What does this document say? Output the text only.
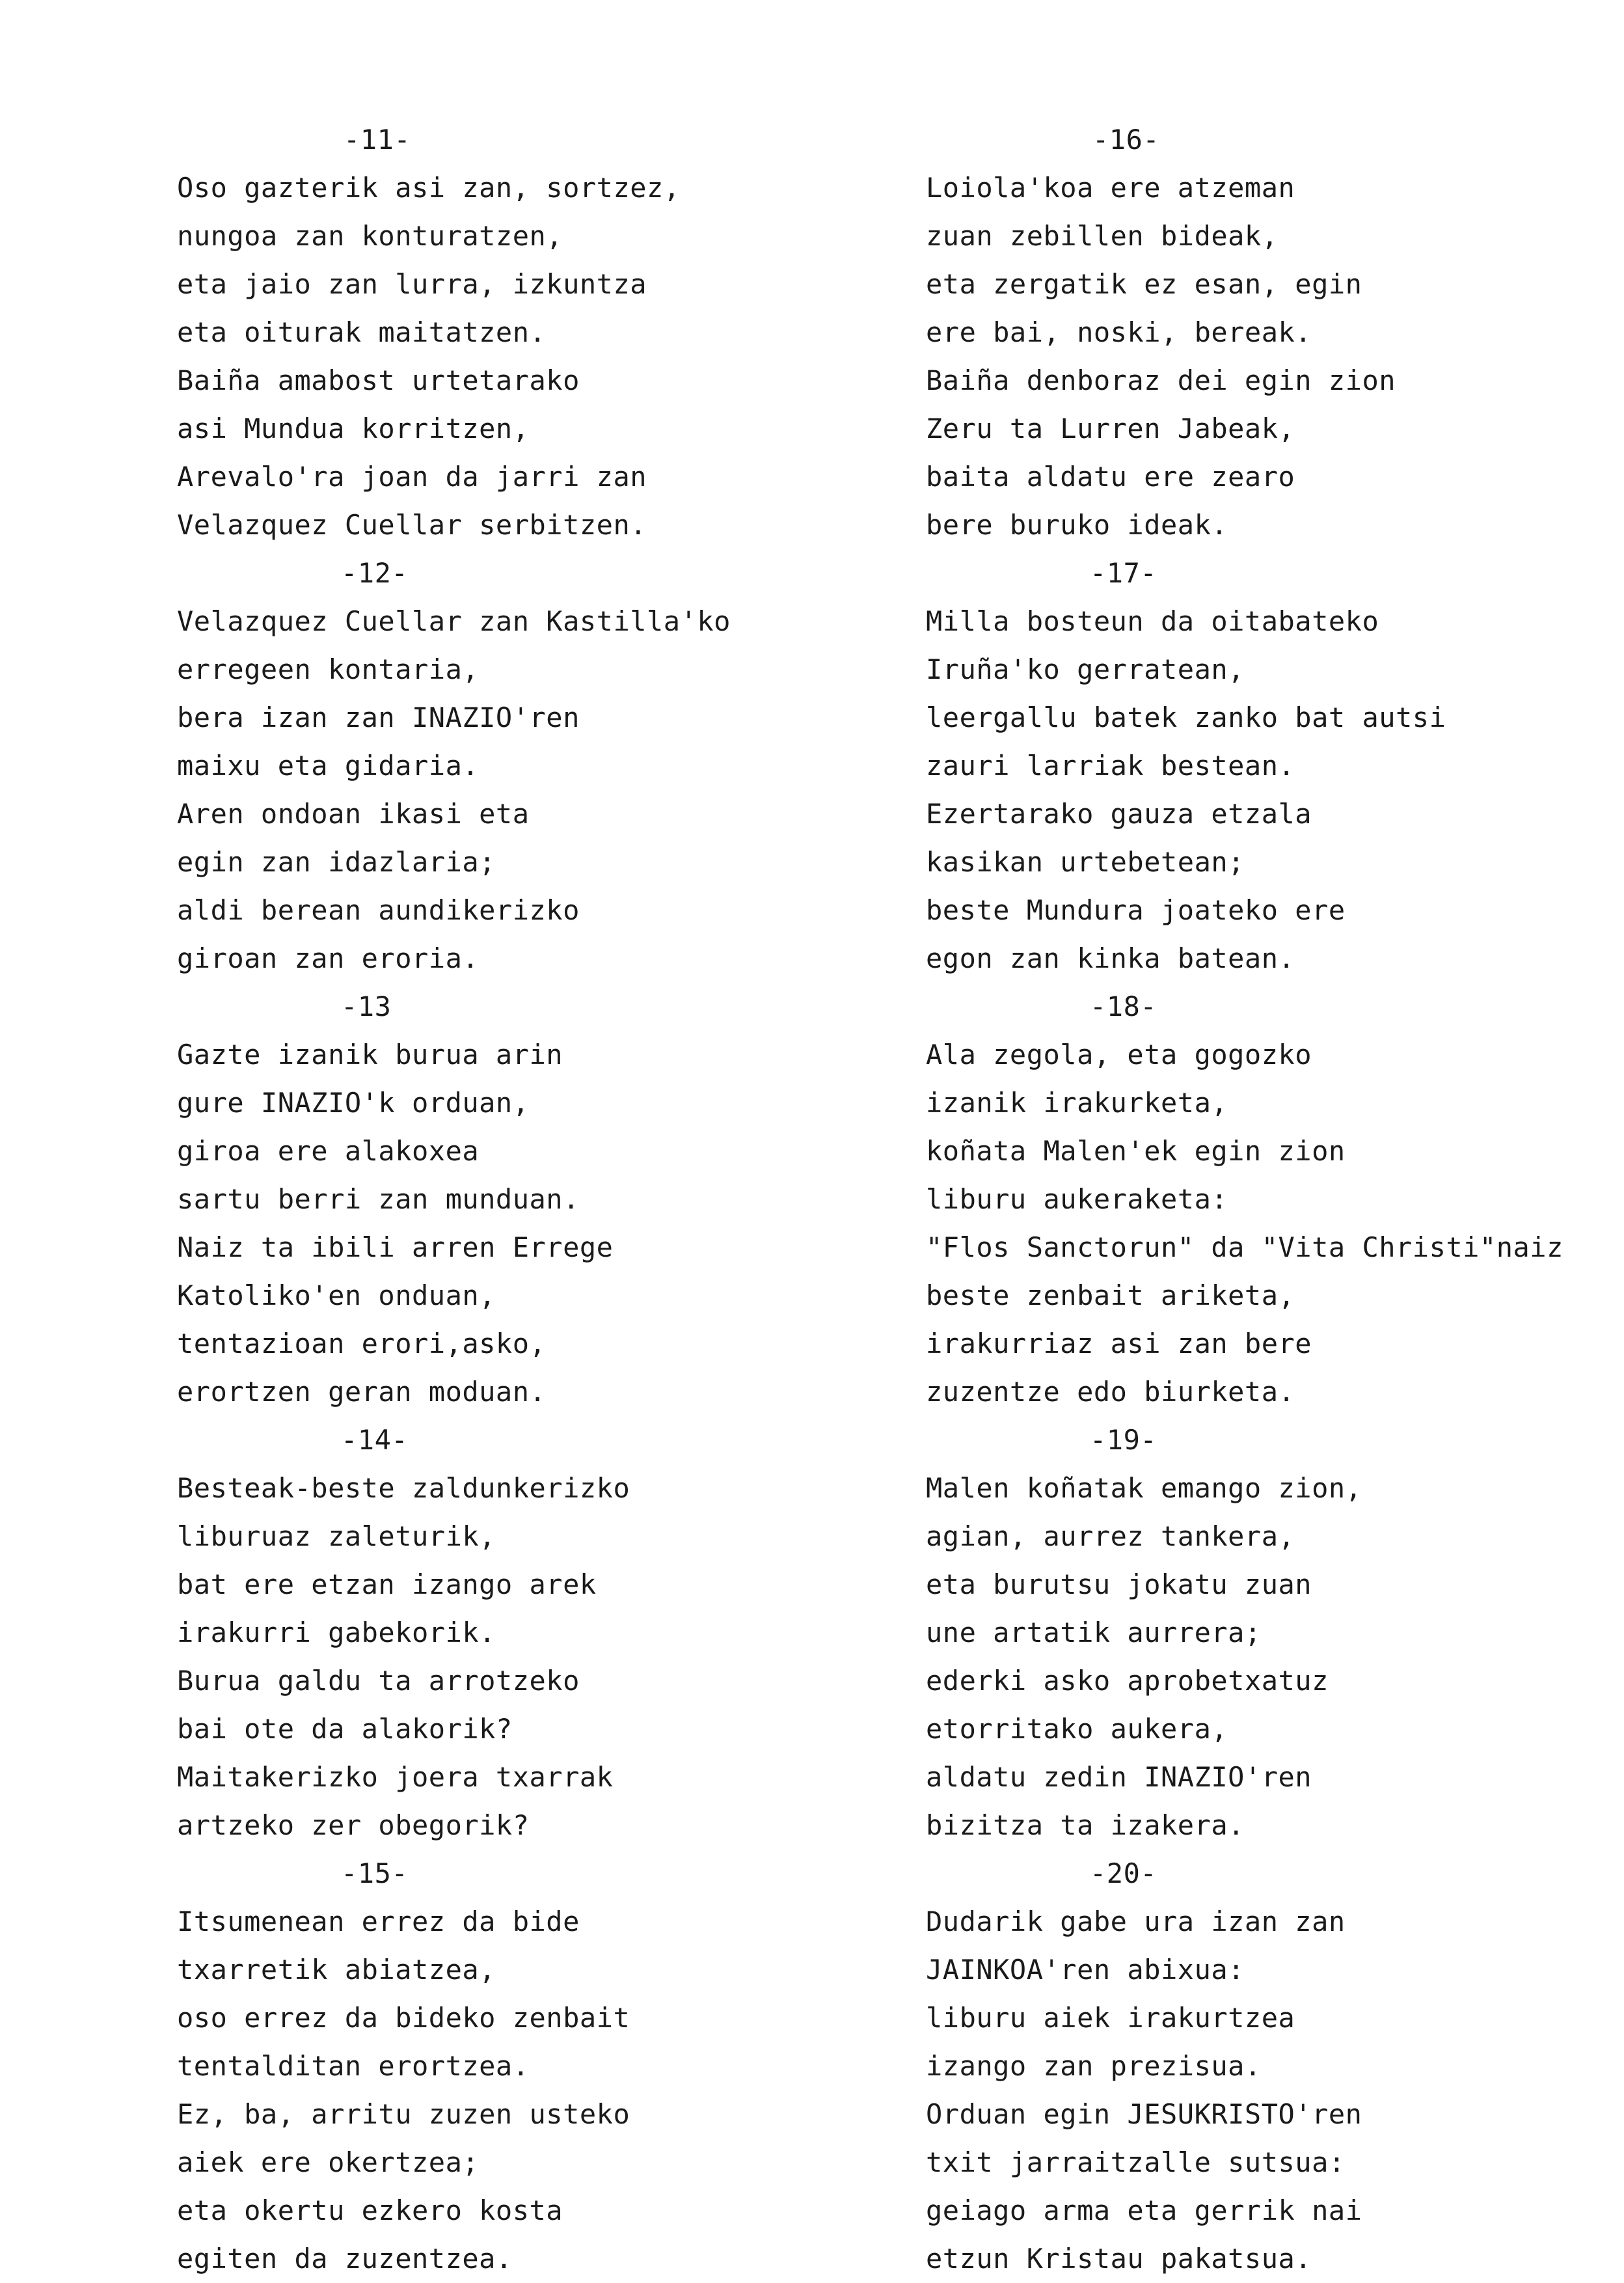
-11-
Oso gazterik asi zan, sortzez,
nungoa zan konturatzen,
eta jaio zan lurra, izkuntza
eta oiturak maitatzen.
Baiña amabost urtetarako
asi Mundua korritzen,
Arevalo'ra joan da jarri zan
Velazquez Cuellar serbitzen.
-12-
Velazquez Cuellar zan Kastilla'ko
erregeen kontaria,
bera izan zan INAZIO'ren
maixu eta gidaria.
Aren ondoan ikasi eta
egin zan idazlaria;
aldi berean aundikerizko
giroan zan eroria.
-13
Gazte izanik burua arin
gure INAZIO'k orduan,
giroa ere alakoxea
sartu berri zan munduan.
Naiz ta ibili arren Errege
Katoliko'en onduan,
tentazioan erori,asko,
erortzen geran moduan.
-14-
Besteak-beste zaldunkerizko
liburuaz zaleturik,
bat ere etzan izango arek
irakurri gabekorik.
Burua galdu ta arrotzeko
bai ote da alakorik?
Maitakerizko joera txarrak
artzeko zer obegorik?
-15-
Itsumenean errez da bide
txarretik abiatzea,
oso errez da bideko zenbait
tentalditan erortzea.
Ez, ba, arritu zuzen usteko
aiek ere okertzea;
eta okertu ezkero kosta
egiten da zuzentzea.
-16-
Loiola'koa ere atzeman
zuan zebillen bideak,
eta zergatik ez esan, egin
ere bai, noski, bereak.
Baiña denboraz dei egin zion
Zeru ta Lurren Jabeak,
baita aldatu ere zearo
bere buruko ideak.
-17-
Milla bosteun da oitabateko
Iruña'ko gerratean,
leergallu batek zanko bat autsi
zauri larriak bestean.
Ezertarako gauza etzala
kasikan urtebetean;
beste Mundura joateko ere
egon zan kinka batean.
-18-
Ala zegola, eta gogozko
izanik irakurketa,
koñata Malen'ek egin zion
liburu aukeraketa:
"Flos Sanctorun" da "Vita Christi"naiz
beste zenbait ariketa,
irakurriaz asi zan bere
zuzentze edo biurketa.
-19-
Malen koñatak emango zion,
agian, aurrez tankera,
eta burutsu jokatu zuan
une artatik aurrera;
ederki asko aprobetxatuz
etorritako aukera,
aldatu zedin INAZIO'ren
bizitza ta izakera.
-20-
Dudarik gabe ura izan zan
JAINKOA'ren abixua:
liburu aiek irakurtzea
izango zan prezisua.
Orduan egin JESUKRISTO'ren
txit jarraitzalle sutsua:
geiago arma eta gerrik nai
etzun Kristau pakatsua.
